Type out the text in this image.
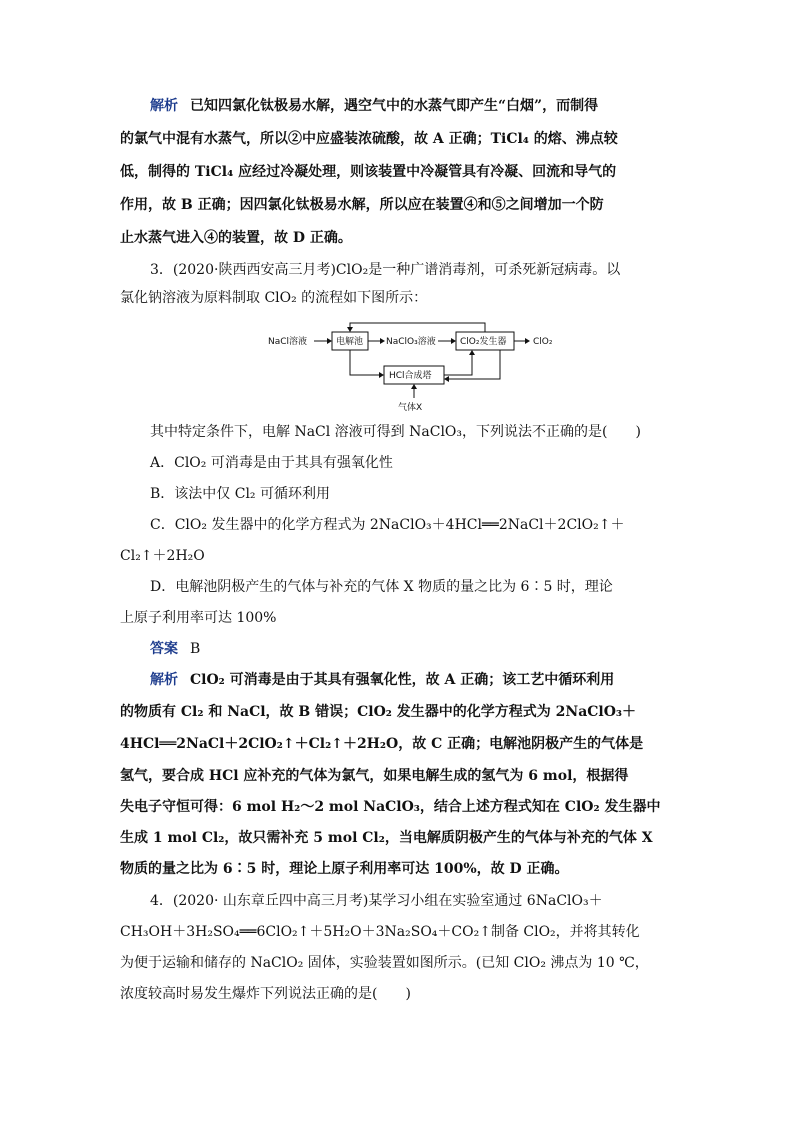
解析 已知四氯化钛极易水解，遇空气中的水蒸气即产生“白烟”，而制得
的氯气中混有水蒸气，所以②中应盛装浓硫酸，故 A 正确；TiCl₄ 的熔、沸点较
低，制得的 TiCl₄ 应经过冷凝处理，则该装置中冷凝管具有冷凝、回流和导气的
作用，故 B 正确；因四氯化钛极易水解，所以应在装置④和⑤之间增加一个防
止水蒸气进入④的装置，故 D 正确。
3．(2020·陕西西安高三月考)ClO₂是一种广谱消毒剂，可杀死新冠病毒。以
氯化钠溶液为原料制取 ClO₂ 的流程如下图所示：
NaCl溶液	电解池	NaClO₃溶液	ClO₂发生器	ClO₂
HCl合成塔
气体X
其中特定条件下，电解 NaCl 溶液可得到 NaClO₃，下列说法不正确的是(　　)
A．ClO₂ 可消毒是由于其具有强氧化性
B．该法中仅 Cl₂ 可循环利用
C．ClO₂ 发生器中的化学方程式为 2NaClO₃＋4HCl══2NaCl＋2ClO₂↑＋
Cl₂↑＋2H₂O
D．电解池阴极产生的气体与补充的气体 X 物质的量之比为 6∶5 时，理论
上原子利用率可达 100%
答案 B
解析 ClO₂ 可消毒是由于其具有强氧化性，故 A 正确；该工艺中循环利用
的物质有 Cl₂ 和 NaCl，故 B 错误；ClO₂ 发生器中的化学方程式为 2NaClO₃＋
4HCl══2NaCl＋2ClO₂↑＋Cl₂↑＋2H₂O，故 C 正确；电解池阴极产生的气体是
氢气，要合成 HCl 应补充的气体为氯气，如果电解生成的氢气为 6 mol，根据得
失电子守恒可得：6 mol H₂～2 mol NaClO₃，结合上述方程式知在 ClO₂ 发生器中
生成 1 mol Cl₂，故只需补充 5 mol Cl₂，当电解质阴极产生的气体与补充的气体 X
物质的量之比为 6∶5 时，理论上原子利用率可达 100%，故 D 正确。
4．(2020· 山东章丘四中高三月考)某学习小组在实验室通过 6NaClO₃＋
CH₃OH＋3H₂SO₄══6ClO₂↑＋5H₂O＋3Na₂SO₄＋CO₂↑制备 ClO₂，并将其转化
为便于运输和储存的 NaClO₂ 固体，实验装置如图所示。(已知 ClO₂ 沸点为 10 ℃，
浓度较高时易发生爆炸下列说法正确的是(　　)
